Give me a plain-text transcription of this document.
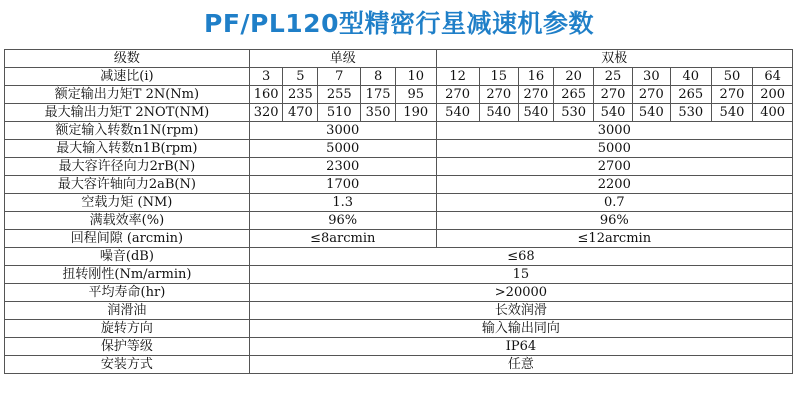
PF/PL120型精密行星减速机参数
级数	单级					双极								
减速比(i)	3	5	7	8	10	12	15	16	20	25	30	40	50	64
额定输出力矩T 2N(Nm)	160	235	255	175	95	270	270	270	265	270	270	265	270	200
最大输出力矩T 2NOT(NM)	320	470	510	350	190	540	540	540	530	540	540	530	540	400
额定输入转数n1N(rpm)	3000					3000								
最大输入转数n1B(rpm)	5000					5000								
最大容许径向力2rB(N)	2300					2700								
最大容许轴向力2aB(N)	1700					2200								
空载力矩 (NM)	1.3					0.7								
满载效率(%)	96%					96%								
回程间隙 (arcmin)	≤8arcmin					≤12arcmin								
噪音(dB)	≤68													
扭转刚性(Nm/armin)	15													
平均寿命(hr)	>20000													
润滑油	长效润滑													
旋转方向	输入输出同向													
保护等级	IP64													
安装方式	任意													
